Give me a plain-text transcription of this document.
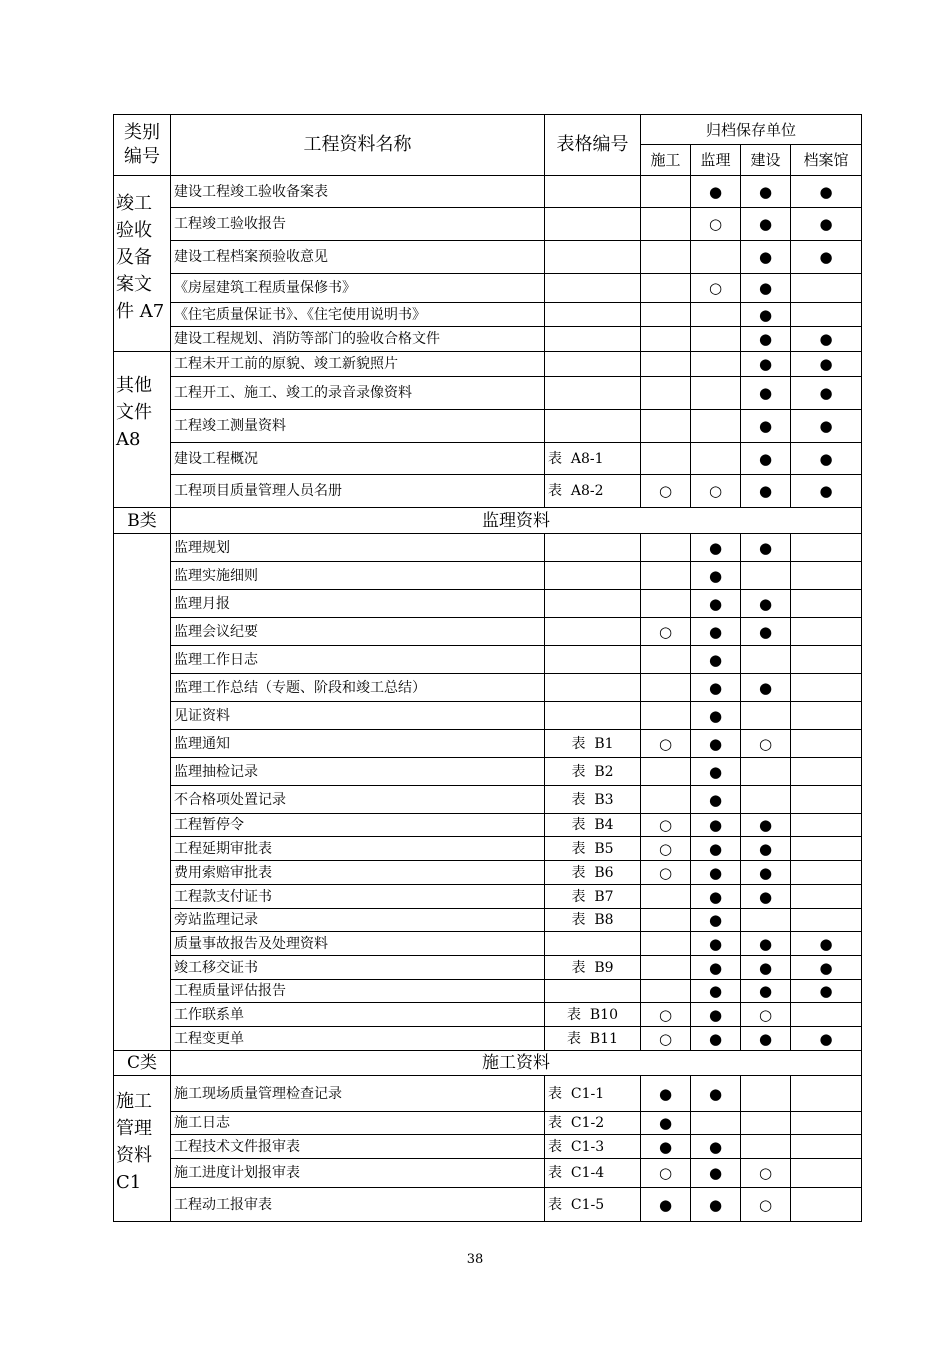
类别
编号	工程资料名称	表格编号	归档保存单位			
			施工	监理	建设	档案馆
竣工
验收
及备
案文
件 A7	建设工程竣工验收备案表			●	●	●
	工程竣工验收报告			○	●	●
	建设工程档案预验收意见				●	●
	《房屋建筑工程质量保修书》			○	●	
	《住宅质量保证书》、《住宅使用说明书》				●	
	建设工程规划、消防等部门的验收合格文件				●	●
其他
文件
A8	工程未开工前的原貌、竣工新貌照片				●	●
	工程开工、施工、竣工的录音录像资料				●	●
	工程竣工测量资料				●	●
	建设工程概况	表  A8-1			●	●
	工程项目质量管理人员名册	表  A8-2	○	○	●	●
B类	监理资料					
	监理规划			●	●	
	监理实施细则			●		
	监理月报			●	●	
	监理会议纪要		○	●	●	
	监理工作日志			●		
	监理工作总结（专题、阶段和竣工总结）			●	●	
	见证资料			●		
	监理通知	表  B1	○	●	○	
	监理抽检记录	表  B2		●		
	不合格项处置记录	表  B3		●		
	工程暂停令	表  B4	○	●	●	
	工程延期审批表	表  B5	○	●	●	
	费用索赔审批表	表  B6	○	●	●	
	工程款支付证书	表  B7		●	●	
	旁站监理记录	表  B8		●		
	质量事故报告及处理资料			●	●	●
	竣工移交证书	表  B9		●	●	●
	工程质量评估报告			●	●	●
	工作联系单	表  B10	○	●	○	
	工程变更单	表  B11	○	●	●	●
C类	施工资料					
施工
管理
资料
C1	施工现场质量管理检查记录	表  C1-1	●	●		
	施工日志	表  C1-2	●			
	工程技术文件报审表	表  C1-3	●	●		
	施工进度计划报审表	表  C1-4	○	●	○	
	工程动工报审表	表  C1-5	●	●	○	
38
